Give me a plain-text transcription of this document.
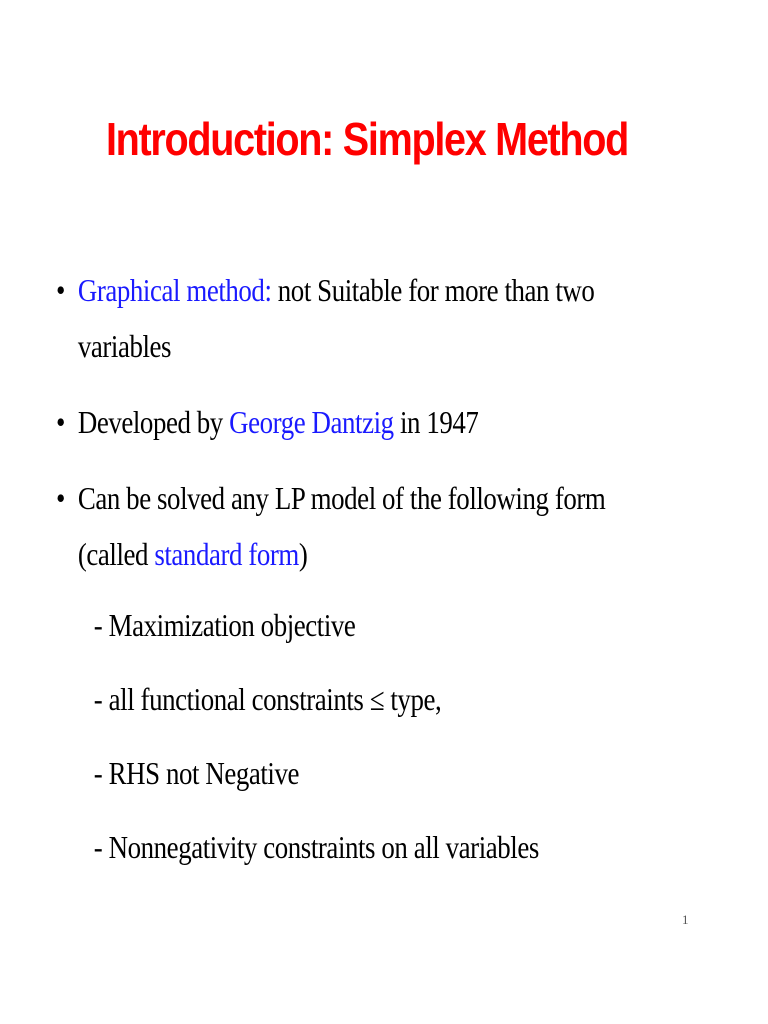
Introduction: Simplex Method
• Graphical method: not Suitable for more than two
variables
• Developed by George Dantzig in 1947
• Can be solved any LP model of the following form
(called standard form)
- Maximization objective
- all functional constraints ≤ type,
- RHS not Negative
- Nonnegativity constraints on all variables
1
